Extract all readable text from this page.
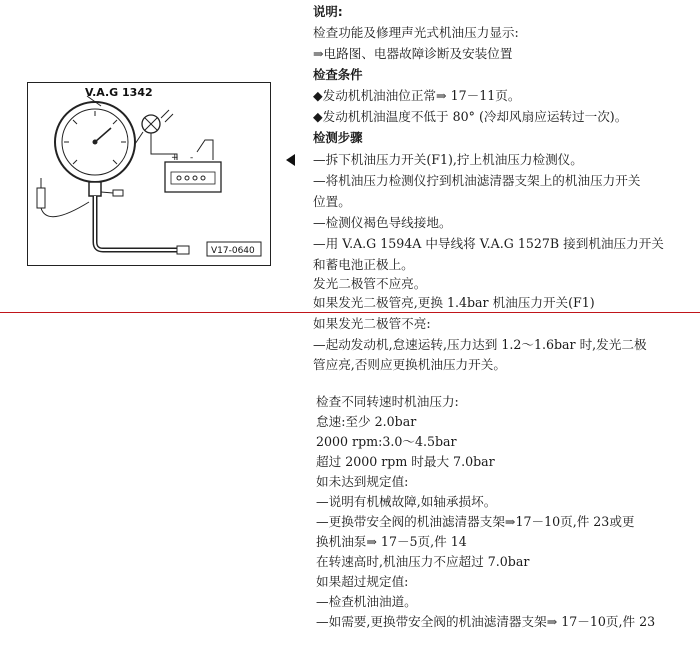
V.A.G 1342
+    -
V17-0640
说明:
检查功能及修理声光式机油压力显示:
⇒电路图、电器故障诊断及安装位置
检查条件
◆发动机机油油位正常⇒ 17－11页。
◆发动机机油温度不低于 80° (冷却风扇应运转过一次)。
检测步骤
—拆下机油压力开关(F1),拧上机油压力检测仪。
—将机油压力检测仪拧到机油滤清器支架上的机油压力开关
位置。
—检测仪褐色导线接地。
—用 V.A.G 1594A 中导线将 V.A.G 1527B 接到机油压力开关
和蓄电池正极上。
发光二极管不应亮。
如果发光二极管亮,更换 1.4bar 机油压力开关(F1)
如果发光二极管不亮:
—起动发动机,怠速运转,压力达到 1.2～1.6bar 时,发光二极
管应亮,否则应更换机油压力开关。
检查不同转速时机油压力:
怠速:至少 2.0bar
2000 rpm:3.0～4.5bar
超过 2000 rpm 时最大 7.0bar
如未达到规定值:
—说明有机械故障,如轴承损坏。
—更换带安全阀的机油滤清器支架⇒17－10页,件 23或更
换机油泵⇒ 17－5页,件 14
在转速高时,机油压力不应超过 7.0bar
如果超过规定值:
—检查机油油道。
—如需要,更换带安全阀的机油滤清器支架⇒ 17－10页,件 23
